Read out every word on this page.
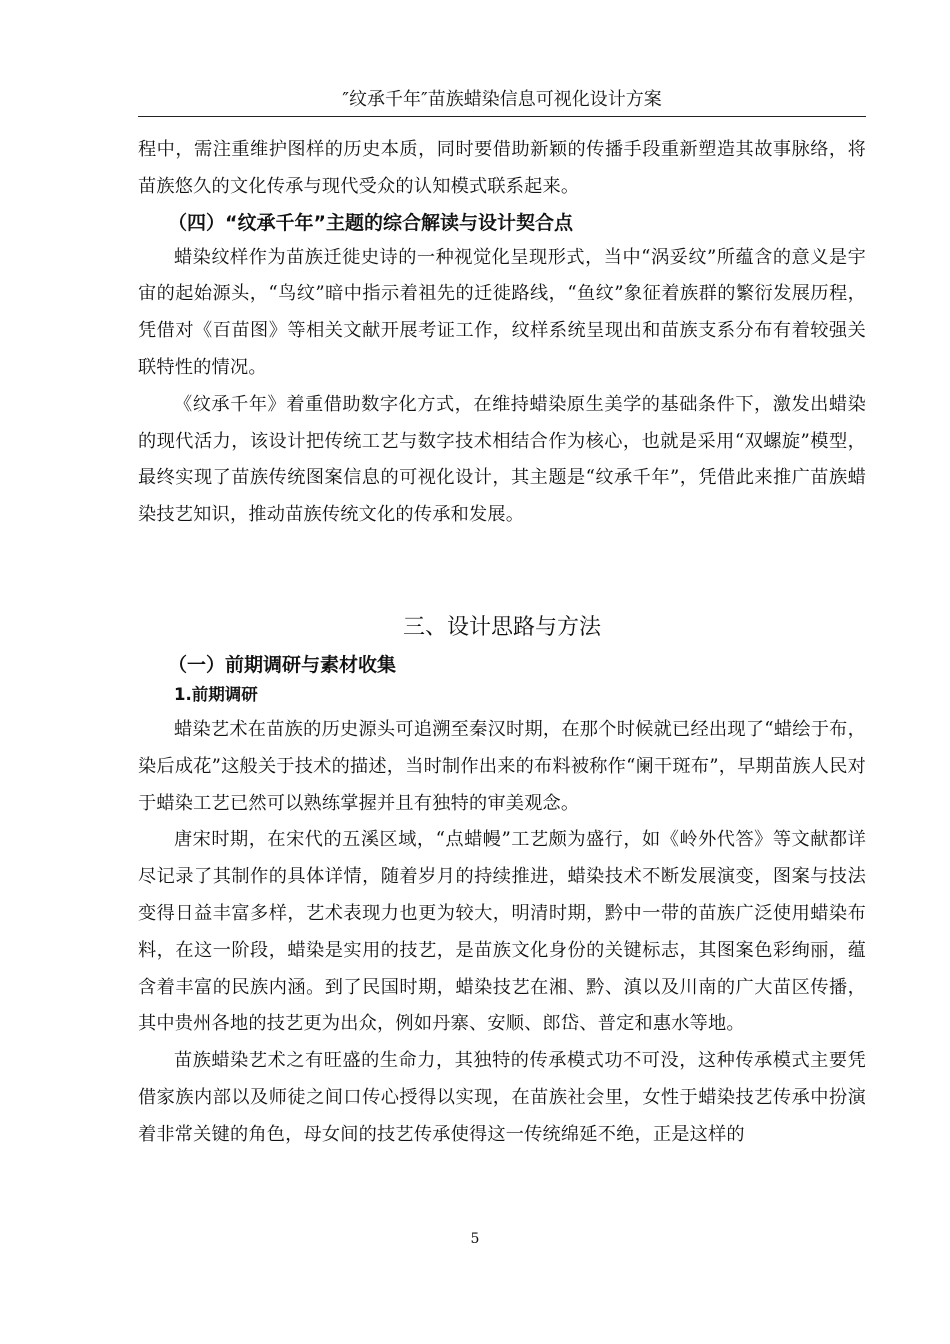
″纹承千年″苗族蜡染信息可视化设计方案

程中，需注重维护图样的历史本质，同时要借助新颖的传播手段重新塑造其故事脉络，将苗族悠久的文化传承与现代受众的认知模式联系起来。

（四）“纹承千年”主题的综合解读与设计契合点

蜡染纹样作为苗族迁徙史诗的一种视觉化呈现形式，当中“涡妥纹”所蕴含的意义是宇宙的起始源头，“鸟纹”暗中指示着祖先的迁徙路线，“鱼纹”象征着族群的繁衍发展历程，凭借对《百苗图》等相关文献开展考证工作，纹样系统呈现出和苗族支系分布有着较强关联特性的情况。

《纹承千年》着重借助数字化方式，在维持蜡染原生美学的基础条件下，激发出蜡染的现代活力，该设计把传统工艺与数字技术相结合作为核心，也就是采用“双螺旋”模型，最终实现了苗族传统图案信息的可视化设计，其主题是“纹承千年”，凭借此来推广苗族蜡染技艺知识，推动苗族传统文化的传承和发展。

三、设计思路与方法
（一）前期调研与素材收集
1.前期调研

蜡染艺术在苗族的历史源头可追溯至秦汉时期，在那个时候就已经出现了“蜡绘于布，染后成花”这般关于技术的描述，当时制作出来的布料被称作“阑干斑布”，早期苗族人民对于蜡染工艺已然可以熟练掌握并且有独特的审美观念。

唐宋时期，在宋代的五溪区域，“点蜡幔”工艺颇为盛行，如《岭外代答》等文献都详尽记录了其制作的具体详情，随着岁月的持续推进，蜡染技术不断发展演变，图案与技法变得日益丰富多样，艺术表现力也更为较大，明清时期，黔中一带的苗族广泛使用蜡染布料，在这一阶段，蜡染是实用的技艺，是苗族文化身份的关键标志，其图案色彩绚丽，蕴含着丰富的民族内涵。到了民国时期，蜡染技艺在湘、黔、滇以及川南的广大苗区传播，其中贵州各地的技艺更为出众，例如丹寨、安顺、郎岱、普定和惠水等地。

苗族蜡染艺术之有旺盛的生命力，其独特的传承模式功不可没，这种传承模式主要凭借家族内部以及师徒之间口传心授得以实现，在苗族社会里，女性于蜡染技艺传承中扮演着非常关键的角色，母女间的技艺传承使得这一传统绵延不绝，正是这样的

5
